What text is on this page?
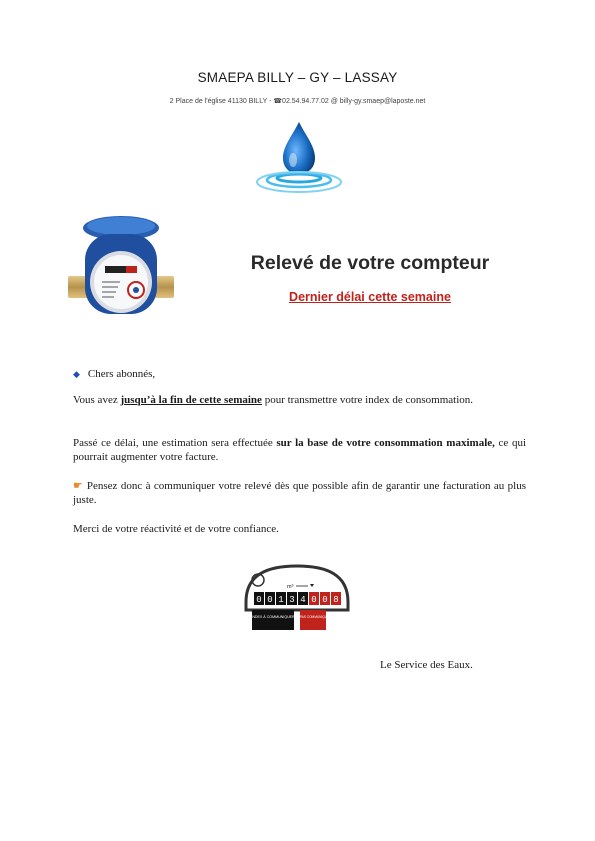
SMAEPA BILLY – GY – LASSAY
2 Place de l'église 41130 BILLY - ☎02.54.94.77.02 @ billy-gy.smaep@laposte.net
Relevé de votre compteur
Dernier délai cette semaine
◆ Chers abonnés,
Vous avez jusqu’à la fin de cette semaine pour transmettre votre index de consommation.
Passé ce délai, une estimation sera effectuée sur la base de votre consommation maximale, ce qui pourrait augmenter votre facture.
☛ Pensez donc à communiquer votre relevé dès que possible afin de garantir une facturation au plus juste.
Merci de votre réactivité et de votre confiance.
m³
0 0 1 3 4 0 0 8
INDEX À COMMUNIQUER NE PAS COMMUNIQUER
Le Service des Eaux.
